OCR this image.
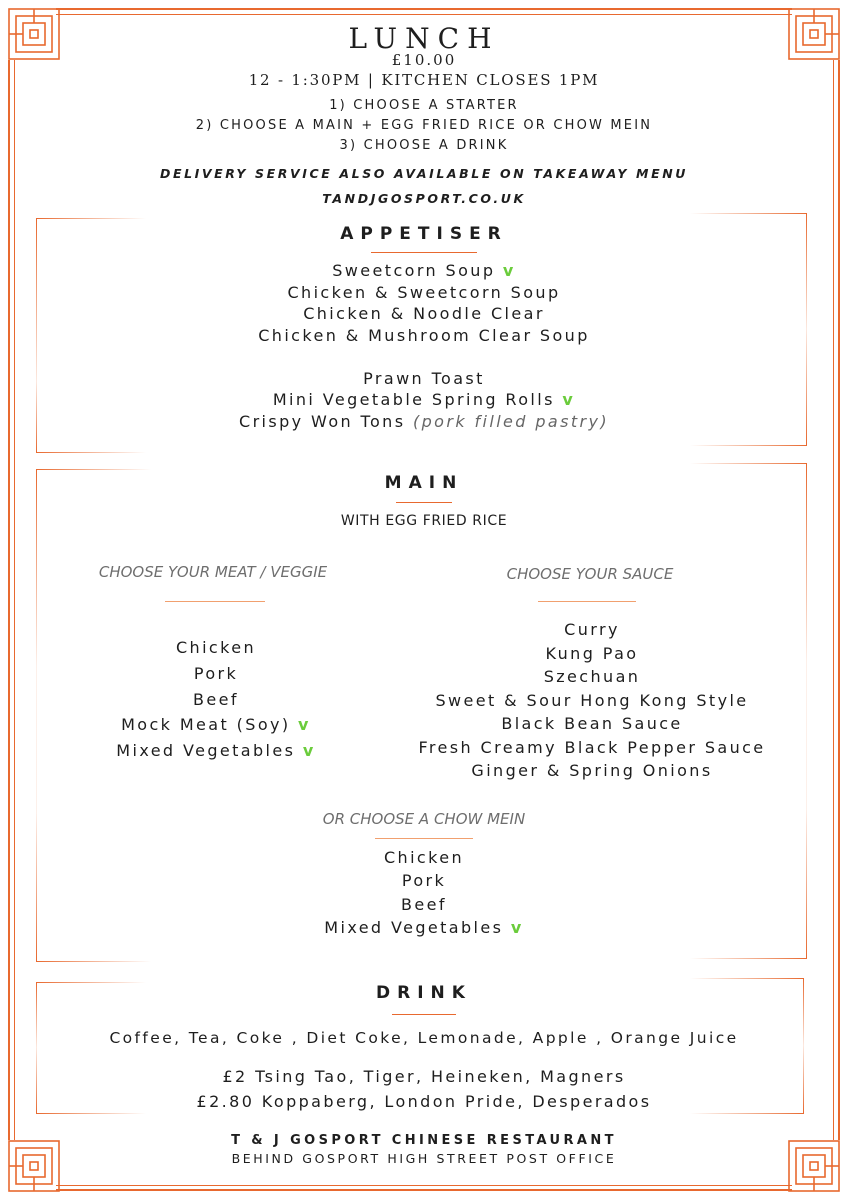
LUNCH
£10.00
12 - 1:30PM | KITCHEN CLOSES 1PM
1) CHOOSE A STARTER
2) CHOOSE A MAIN + EGG FRIED RICE OR CHOW MEIN
3) CHOOSE A DRINK
DELIVERY SERVICE ALSO AVAILABLE ON TAKEAWAY MENU
TANDJGOSPORT.CO.UK
APPETISER
Sweetcorn Soup v
Chicken & Sweetcorn Soup
Chicken & Noodle Clear
Chicken & Mushroom Clear Soup
Prawn Toast
Mini Vegetable Spring Rolls v
Crispy Won Tons (pork filled pastry)
MAIN
WITH EGG FRIED RICE
CHOOSE YOUR MEAT / VEGGIE
Chicken
Pork
Beef
Mock Meat (Soy) v
Mixed Vegetables v
CHOOSE YOUR SAUCE
Curry
Kung Pao
Szechuan
Sweet & Sour Hong Kong Style
Black Bean Sauce
Fresh Creamy Black Pepper Sauce
Ginger & Spring Onions
OR CHOOSE A CHOW MEIN
Chicken
Pork
Beef
Mixed Vegetables v
DRINK
Coffee, Tea, Coke , Diet Coke, Lemonade, Apple , Orange Juice
£2 Tsing Tao, Tiger, Heineken, Magners
£2.80 Koppaberg, London Pride, Desperados
T & J GOSPORT CHINESE RESTAURANT
BEHIND GOSPORT HIGH STREET POST OFFICE
